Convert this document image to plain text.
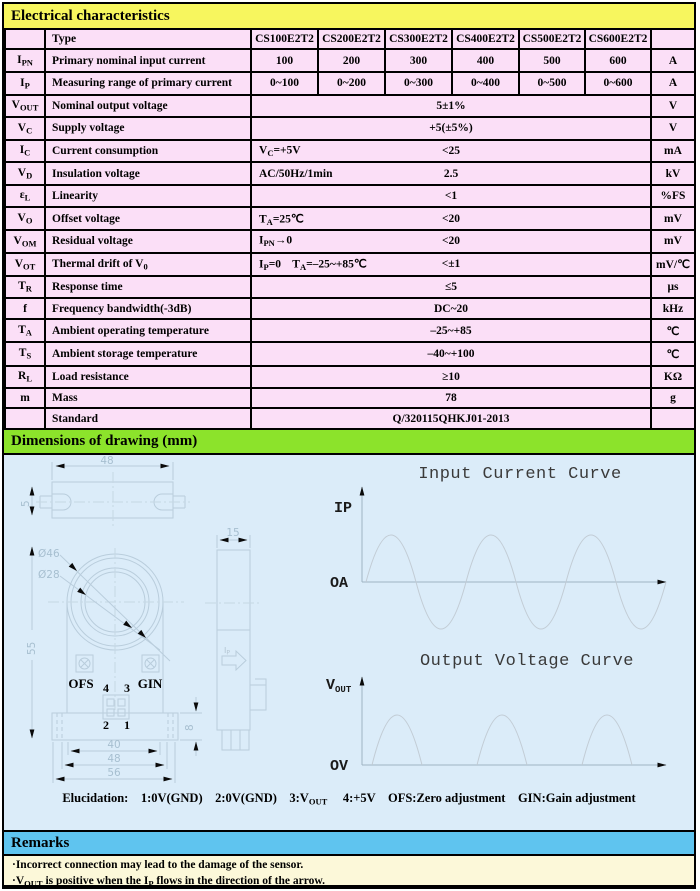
Electrical characteristics
	Type	CS100E2T2	CS200E2T2	CS300E2T2	CS400E2T2	CS500E2T2	CS600E2T2	
$I_{PN}$	Primary nominal input current	100	200	300	400	500	600	A
$I_P$	Measuring range of primary current	0~100	0~200	0~300	0~400	0~500	0~600	A
$V_{OUT}$	Nominal output voltage	5±1%						V
$V_C$	Supply voltage	+5(±5%)						V
$I_C$	Current consumption	$V_C=+5V <25$						mA
$V_D$	Insulation voltage	AC/50Hz/1min 2.5						kV
$\varepsilon_L$	Linearity	<1						%FS
$V_O$	Offset voltage	$T_A=25℃ <20$						mV
$V_{OM}$	Residual voltage	$I_{PN}\to 0 <20$						mV
$V_{OT}$	Thermal drift of $V_0$	$I_P=0$    $T_A=-25\sim+85℃ <\pm 1$						mV/℃
$T_R$	Response time	≤5						μs
f	Frequency bandwidth(-3dB)	DC~20						kHz
$T_A$	Ambient operating temperature	–25~+85						℃
$T_S$	Ambient storage temperature	–40~+100						℃
$R_L$	Load resistance	≥10						KΩ
m	Mass	78						g
	Standard	Q/320115QHKJ01-2013						
Dimensions of drawing (mm)
48
5
Ø46
Ø28
55
8
OFS	GIN
4 3
2 1
40
48
56
15
IP
Input Current Curve
IP
OA
Output Voltage Curve
$V_{OUT}$
OV
Elucidation:    1:0V(GND)    2:0V(GND)    $3:V_{OUT}$     4:+5V    OFS:Zero adjustment    GIN:Gain adjustment
Remarks

·Incorrect connection may lead to the damage of the sensor.

$\cdot V_{OUT}$ is positive when the $I_P$ flows in the direction of the arrow.
